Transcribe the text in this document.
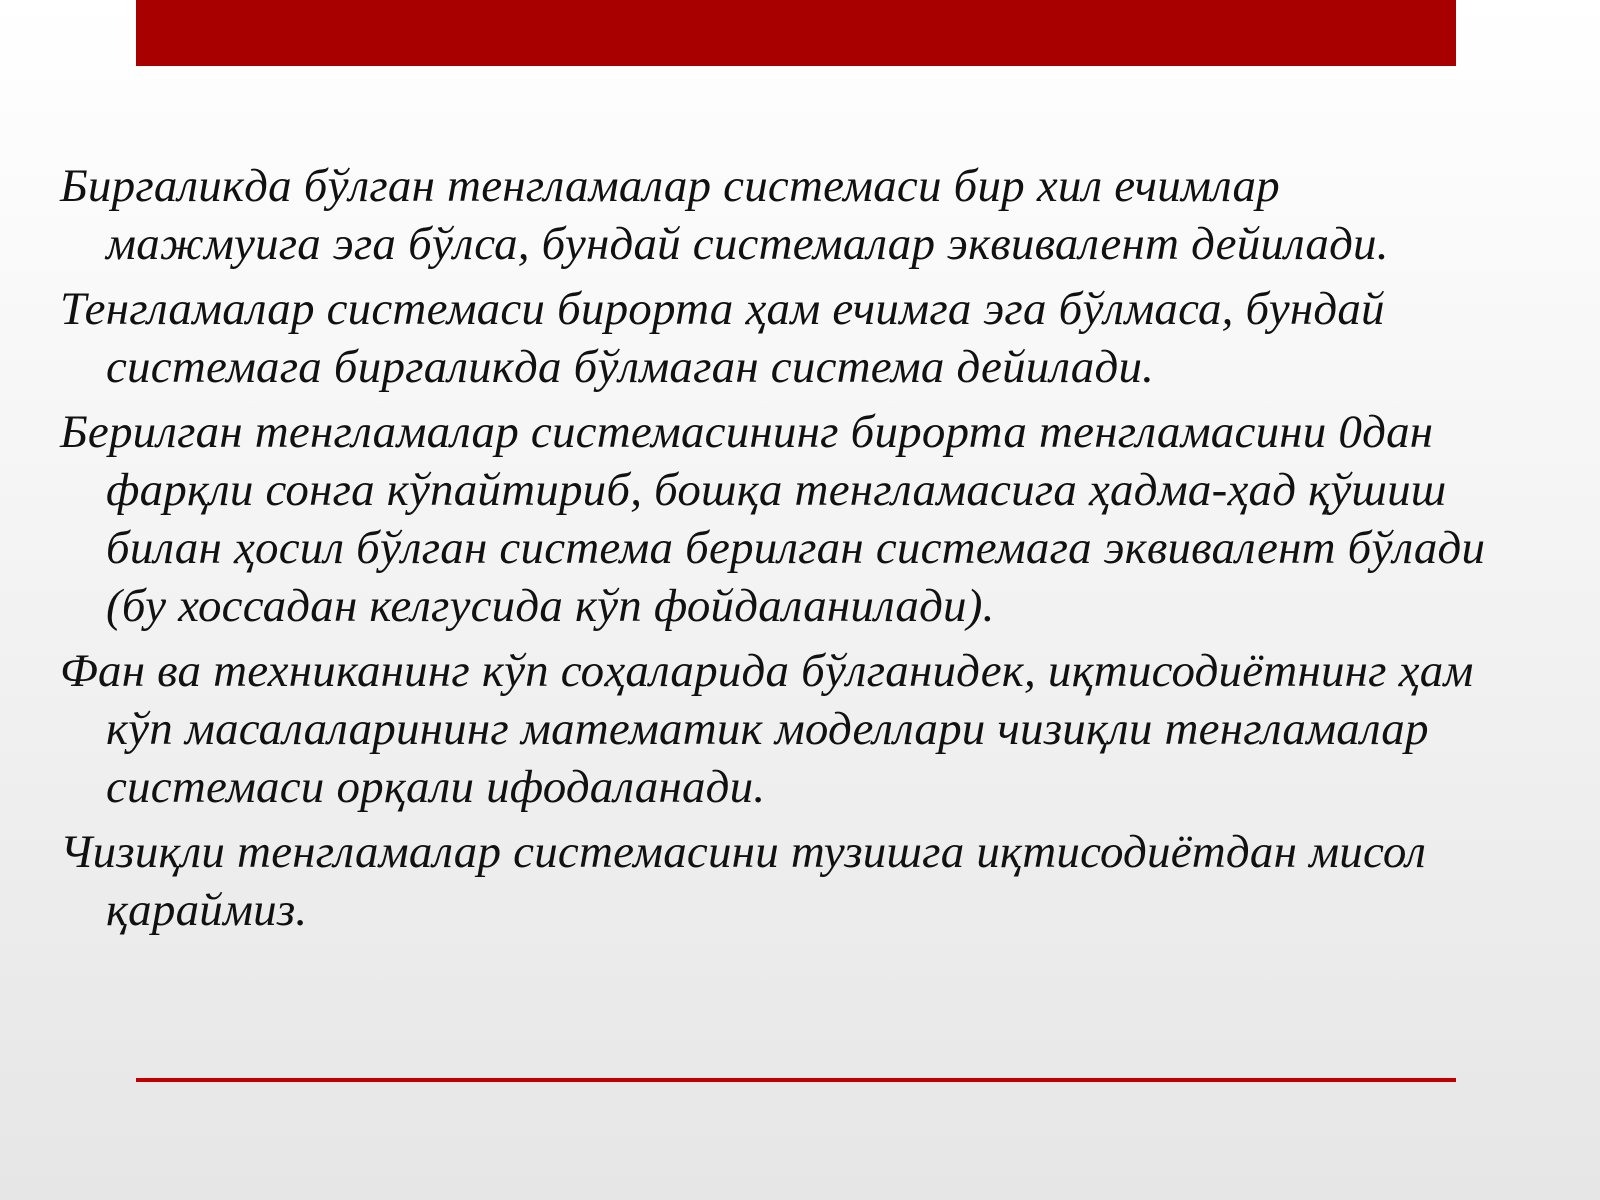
Биргаликда бўлган тенгламалар системаси бир хил ечимлар мажмуига эга бўлса, бундай системалар эквивалент дейилади.

Тенгламалар системаси бирорта ҳам ечимга эга бўлмаса, бундай системага биргаликда бўлмаган система дейилади.

Берилган тенгламалар системасининг бирорта тенгламасини 0дан фарқли сонга кўпайтириб, бошқа тенгламасига ҳадма-ҳад қўшиш билан ҳосил бўлган система берилган системага эквивалент бўлади (бу хоссадан келгусида кўп фойдаланилади).

Фан ва техниканинг кўп соҳаларида бўлганидек, иқтисодиётнинг ҳам кўп масалаларининг математик моделлари чизиқли тенгламалар системаси орқали ифодаланади.

Чизиқли тенгламалар системасини тузишга иқтисодиётдан мисол қараймиз.
